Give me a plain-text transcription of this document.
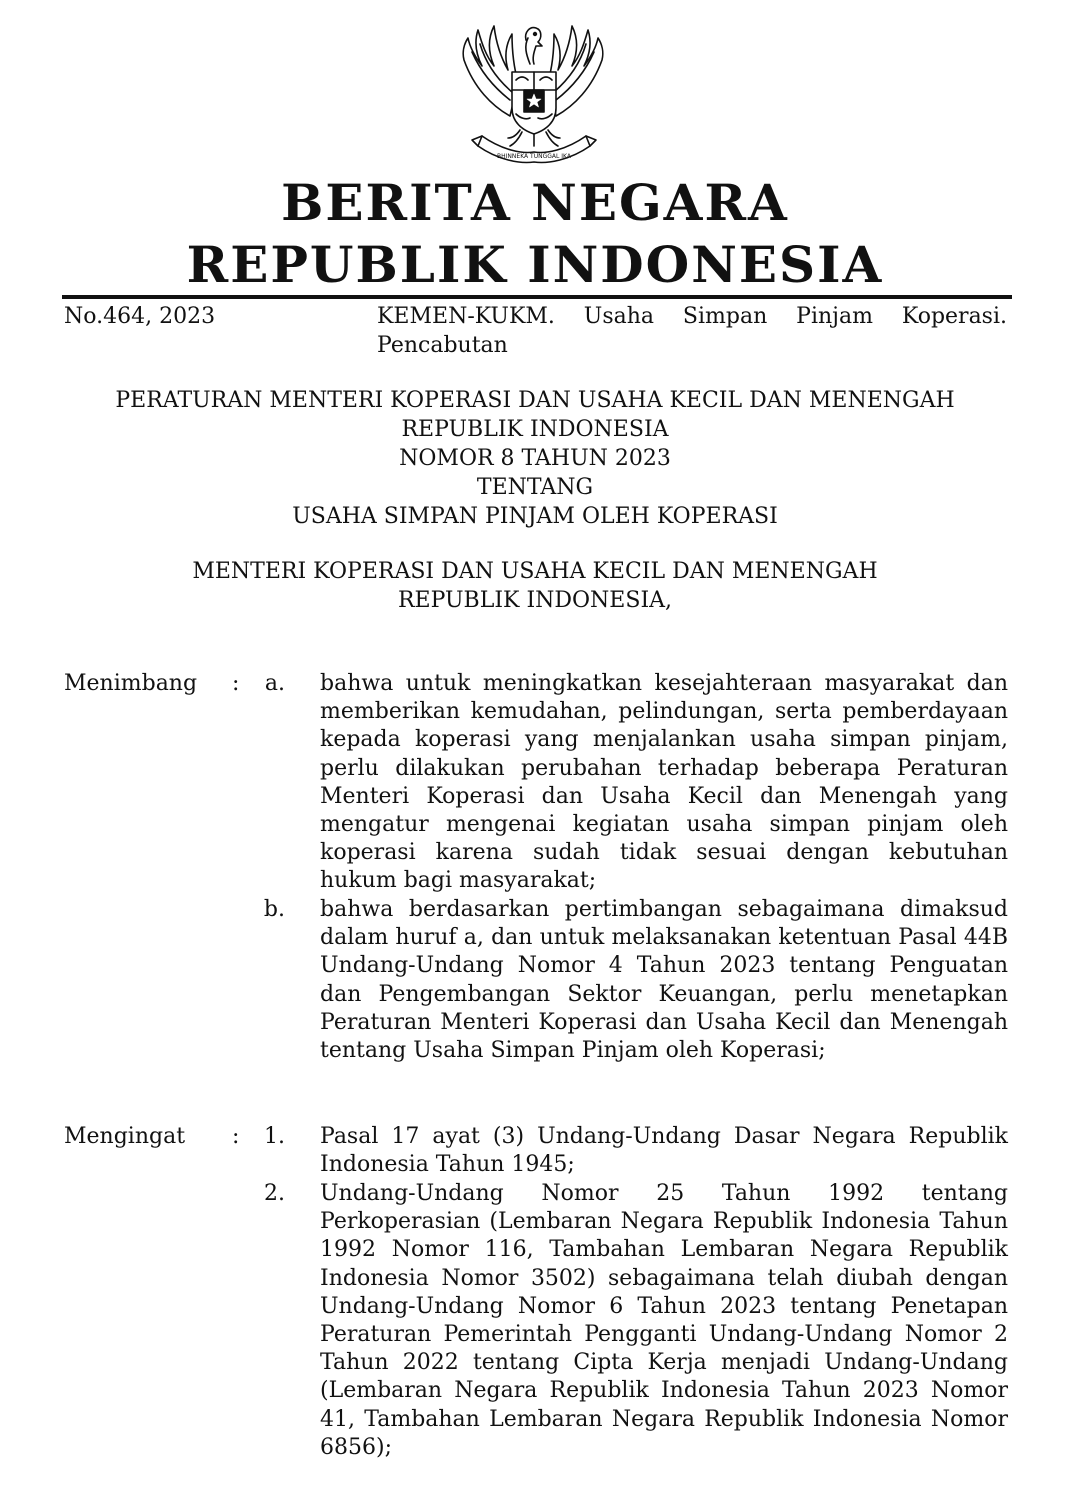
BHINNEKA TUNGGAL IKA
BERITA NEGARA
REPUBLIK INDONESIA
No.464, 2023	KEMEN-KUKM. Usaha Simpan Pinjam Koperasi. Pencabutan
PERATURAN MENTERI KOPERASI DAN USAHA KECIL DAN MENENGAH
REPUBLIK INDONESIA
NOMOR 8 TAHUN 2023
TENTANG
USAHA SIMPAN PINJAM OLEH KOPERASI
MENTERI KOPERASI DAN USAHA KECIL DAN MENENGAH
REPUBLIK INDONESIA,
Menimbang :	a. bahwa untuk meningkatkan kesejahteraan masyarakat dan memberikan kemudahan, pelindungan, serta pemberdayaan kepada koperasi yang menjalankan usaha simpan pinjam, perlu dilakukan perubahan terhadap beberapa Peraturan Menteri Koperasi dan Usaha Kecil dan Menengah yang mengatur mengenai kegiatan usaha simpan pinjam oleh koperasi karena sudah tidak sesuai dengan kebutuhan hukum bagi masyarakat;
b. bahwa berdasarkan pertimbangan sebagaimana dimaksud dalam huruf a, dan untuk melaksanakan ketentuan Pasal 44B Undang-Undang Nomor 4 Tahun 2023 tentang Penguatan dan Pengembangan Sektor Keuangan, perlu menetapkan Peraturan Menteri Koperasi dan Usaha Kecil dan Menengah tentang Usaha Simpan Pinjam oleh Koperasi;
Mengingat :	1. Pasal 17 ayat (3) Undang-Undang Dasar Negara Republik Indonesia Tahun 1945;
2. Undang-Undang Nomor 25 Tahun 1992 tentang Perkoperasian (Lembaran Negara Republik Indonesia Tahun 1992 Nomor 116, Tambahan Lembaran Negara Republik Indonesia Nomor 3502) sebagaimana telah diubah dengan Undang-Undang Nomor 6 Tahun 2023 tentang Penetapan Peraturan Pemerintah Pengganti Undang-Undang Nomor 2 Tahun 2022 tentang Cipta Kerja menjadi Undang-Undang (Lembaran Negara Republik Indonesia Tahun 2023 Nomor 41, Tambahan Lembaran Negara Republik Indonesia Nomor 6856);
